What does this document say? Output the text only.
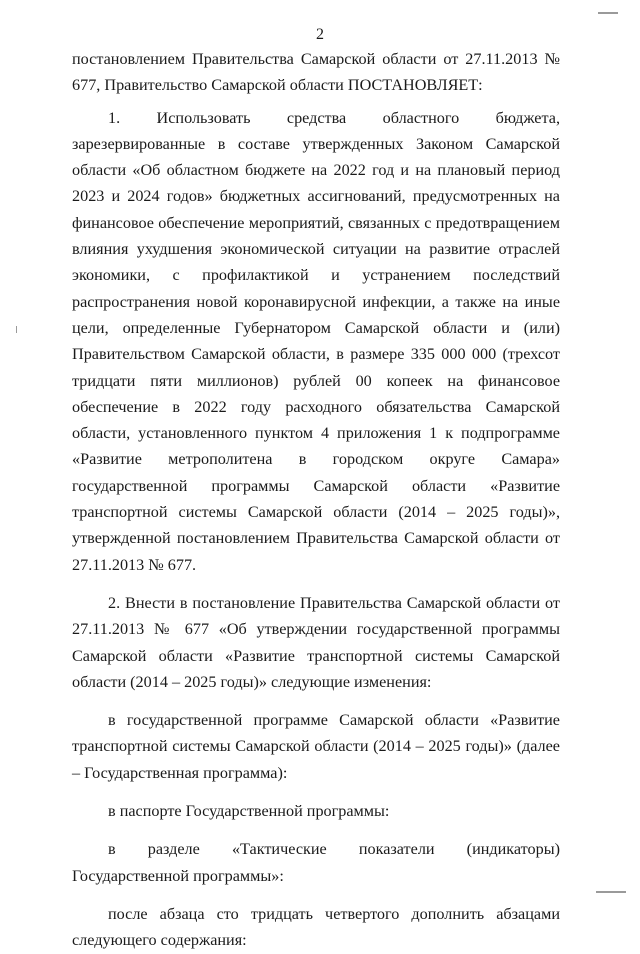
2

постановлением Правительства Самарской области от 27.11.2013 № 677, Правительство Самарской области ПОСТАНОВЛЯЕТ:

1. Использовать средства областного бюджета, зарезервированные в составе утвержденных Законом Самарской области «Об областном бюджете на 2022 год и на плановый период 2023 и 2024 годов» бюджетных ассигнований, предусмотренных на финансовое обеспечение мероприятий, связанных с предотвращением влияния ухудшения экономической ситуации на развитие отраслей экономики, с профилактикой и устранением последствий распространения новой коронавирусной инфекции, а также на иные цели, определенные Губернатором Самарской области и (или) Правительством Самарской области, в размере 335 000 000 (трехсот тридцати пяти миллионов) рублей 00 копеек на финансовое обеспечение в 2022 году расходного обязательства Самарской области, установленного пунктом 4 приложения 1 к подпрограмме «Развитие метрополитена в городском округе Самара» государственной программы Самарской области «Развитие транспортной системы Самарской области (2014 – 2025 годы)», утвержденной постановлением Правительства Самарской области от 27.11.2013 № 677.

2. Внести в постановление Правительства Самарской области от 27.11.2013 № 677 «Об утверждении государственной программы Самарской области «Развитие транспортной системы Самарской области (2014 – 2025 годы)» следующие изменения:

в государственной программе Самарской области «Развитие транспортной системы Самарской области (2014 – 2025 годы)» (далее – Государственная программа):

в паспорте Государственной программы:

в разделе «Тактические показатели (индикаторы) Государственной программы»:

после абзаца сто тридцать четвертого дополнить абзацами следующего содержания:
